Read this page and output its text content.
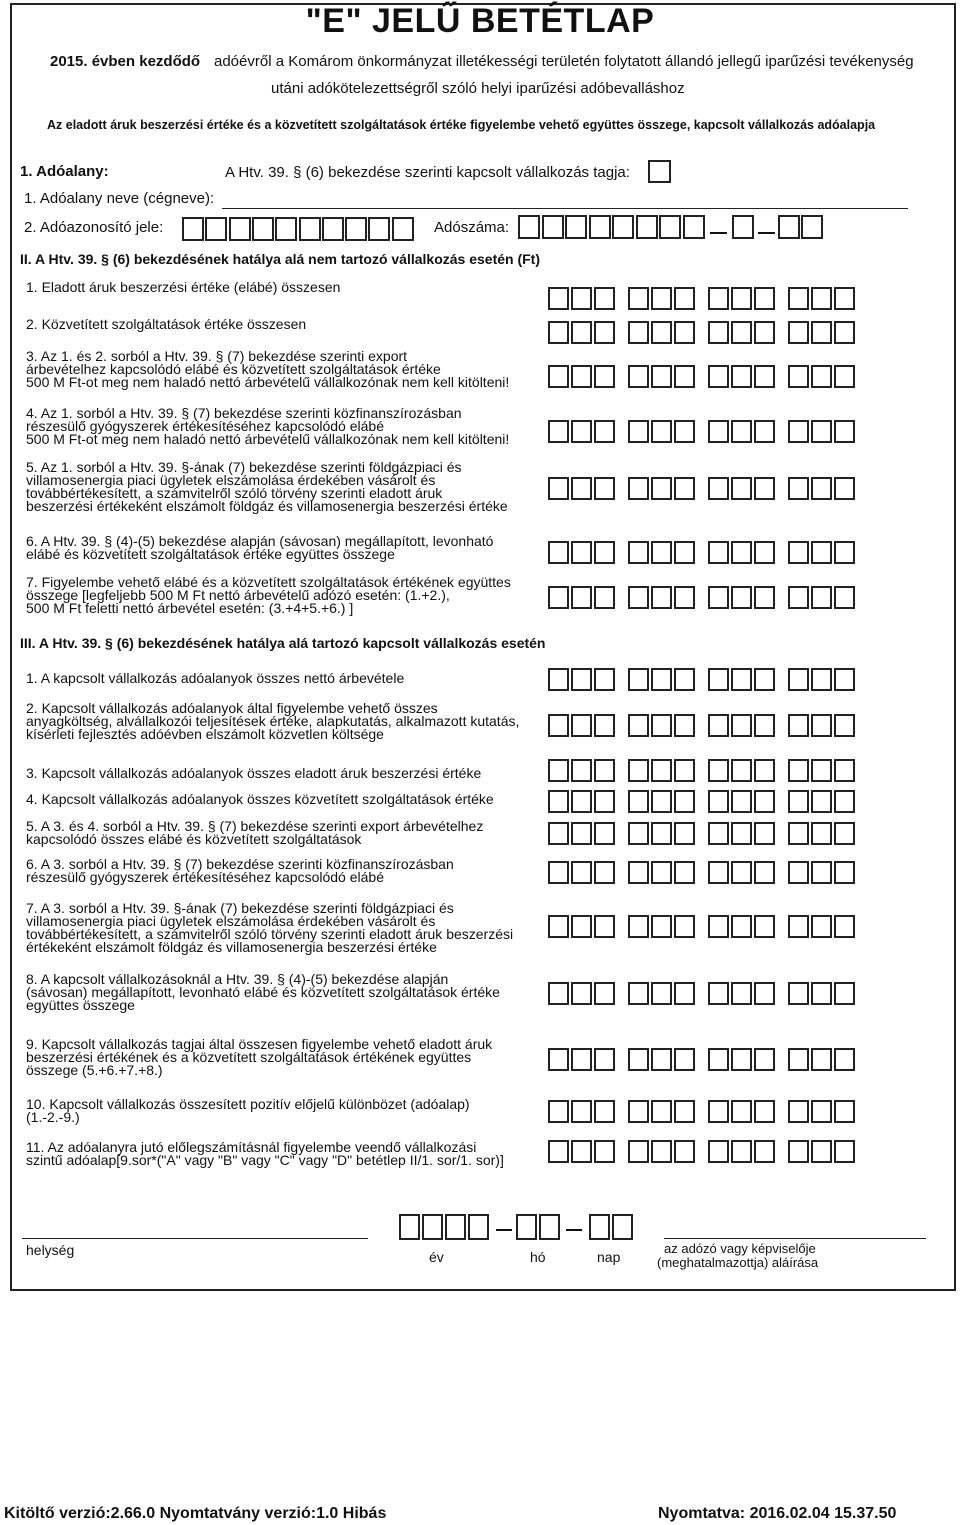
"E" JELŰ BETÉTLAP
2015. évben kezdődő adóévről a Komárom önkormányzat illetékességi területén folytatott állandó jellegű iparűzési tevékenység
utáni adókötelezettségről szóló helyi iparűzési adóbevalláshoz
Az eladott áruk beszerzési értéke és a közvetített szolgáltatások értéke figyelembe vehető együttes összege, kapcsolt vállalkozás adóalapja
1. Adóalany:	A Htv. 39. § (6) bekezdése szerinti kapcsolt vállalkozás tagja:
1. Adóalany neve (cégneve):
2. Adóazonosító jele:	Adószáma:
II. A Htv. 39. § (6) bekezdésének hatálya alá nem tartozó vállalkozás esetén (Ft)
1. Eladott áruk beszerzési értéke (elábé) összesen
2. Közvetített szolgáltatások értéke összesen
3. Az 1. és 2. sorból a Htv. 39. § (7) bekezdése szerinti export
árbevételhez kapcsolódó elábé és közvetített szolgáltatások értéke
500 M Ft-ot meg nem haladó nettó árbevételű vállalkozónak nem kell kitölteni!
4. Az 1. sorból a Htv. 39. § (7) bekezdése szerinti közfinanszírozásban
részesülő gyógyszerek értékesítéséhez kapcsolódó elábé
500 M Ft-ot meg nem haladó nettó árbevételű vállalkozónak nem kell kitölteni!
5. Az 1. sorból a Htv. 39. §-ának (7) bekezdése szerinti földgázpiaci és
villamosenergia piaci ügyletek elszámolása érdekében vásárolt és
továbbértékesített, a számvitelről szóló törvény szerinti eladott áruk
beszerzési értékeként elszámolt földgáz és villamosenergia beszerzési értéke
6. A Htv. 39. § (4)-(5) bekezdése alapján (sávosan) megállapított, levonható
elábé és közvetített szolgáltatások értéke együttes összege
7. Figyelembe vehető elábé és a közvetített szolgáltatások értékének együttes
összege [legfeljebb 500 M Ft nettó árbevételű adózó esetén: (1.+2.),
500 M Ft feletti nettó árbevétel esetén: (3.+4+5.+6.) ]
III. A Htv. 39. § (6) bekezdésének hatálya alá tartozó kapcsolt vállalkozás esetén
1. A kapcsolt vállalkozás adóalanyok összes nettó árbevétele
2. Kapcsolt vállalkozás adóalanyok által figyelembe vehető összes
anyagköltség, alvállalkozói teljesítések értéke, alapkutatás, alkalmazott kutatás,
kísérleti fejlesztés adóévben elszámolt közvetlen költsége
3. Kapcsolt vállalkozás adóalanyok összes eladott áruk beszerzési értéke
4. Kapcsolt vállalkozás adóalanyok összes közvetített szolgáltatások értéke
5. A 3. és 4. sorból a Htv. 39. § (7) bekezdése szerinti export árbevételhez
kapcsolódó összes elábé és közvetített szolgáltatások
6. A 3. sorból a Htv. 39. § (7) bekezdése szerinti közfinanszírozásban
részesülő gyógyszerek értékesítéséhez kapcsolódó elábé
7. A 3. sorból a Htv. 39. §-ának (7) bekezdése szerinti földgázpiaci és
villamosenergia piaci ügyletek elszámolása érdekében vásárolt és
továbbértékesített, a számvitelről szóló törvény szerinti eladott áruk beszerzési
értékeként elszámolt földgáz és villamosenergia beszerzési értéke
8. A kapcsolt vállalkozásoknál a Htv. 39. § (4)-(5) bekezdése alapján
(sávosan) megállapított, levonható elábé és közvetített szolgáltatások értéke
együttes összege
9. Kapcsolt vállalkozás tagjai által összesen figyelembe vehető eladott áruk
beszerzési értékének és a közvetített szolgáltatások értékének együttes
összege (5.+6.+7.+8.)
10. Kapcsolt vállalkozás összesített pozitív előjelű különbözet (adóalap)
(1.-2.-9.)
11. Az adóalanyra jutó előlegszámításnál figyelembe veendő vállalkozási
szintű adóalap[9.sor*("A" vagy "B" vagy "C" vagy "D" betétlep II/1. sor/1. sor)]
helység	év	hó	nap
az adózó vagy képviselője
(meghatalmazottja) aláírása
Kitöltő verzió:2.66.0 Nyomtatvány verzió:1.0 Hibás	Nyomtatva: 2016.02.04 15.37.50
